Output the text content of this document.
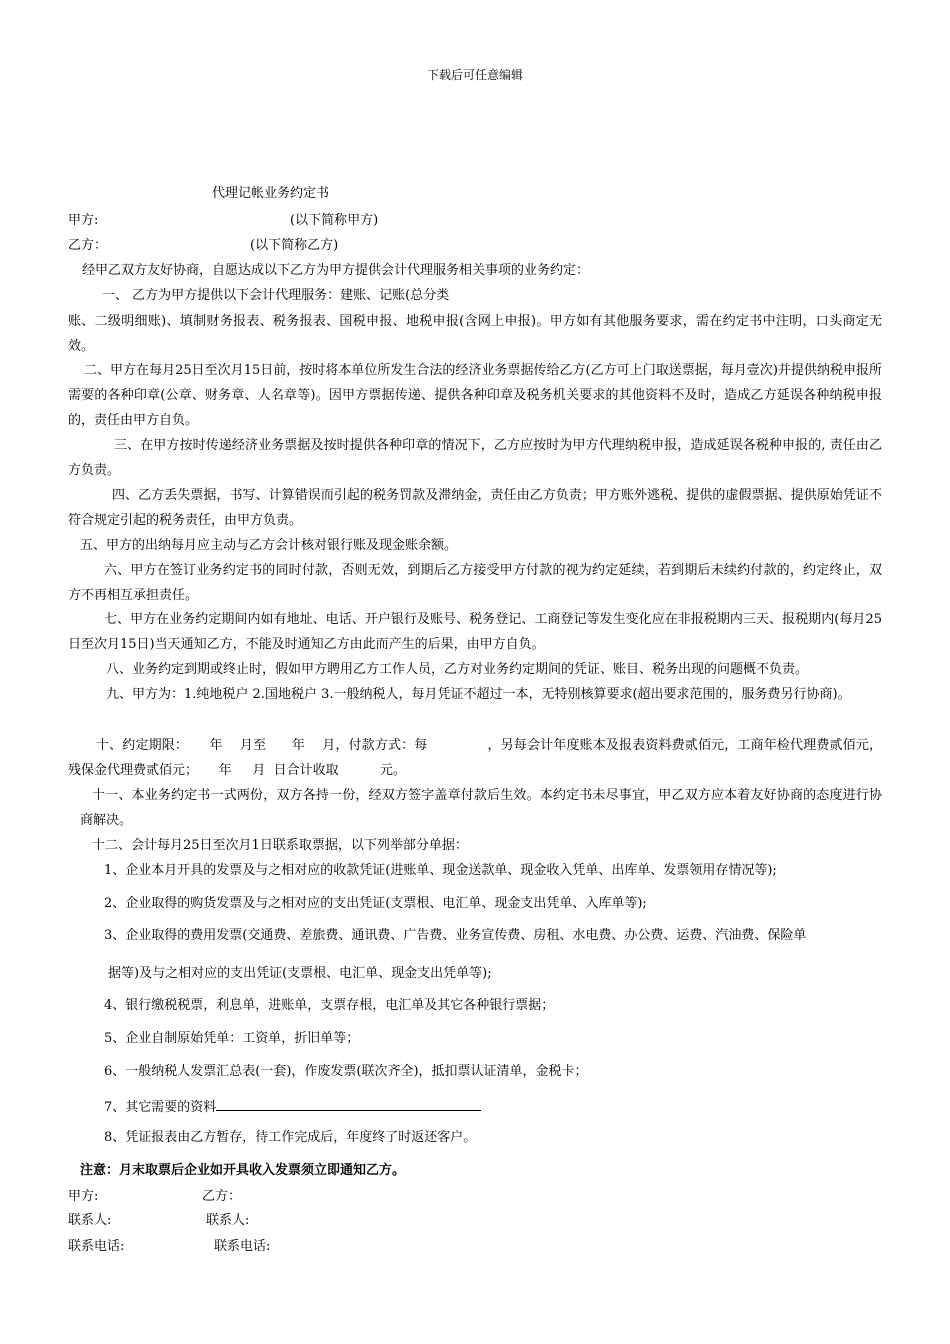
下载后可任意编辑
代理记帐业务约定书
甲方:	(以下简称甲方)
乙方：	(以下简称乙方)
经甲乙双方友好协商，自愿达成以下乙方为甲方提供会计代理服务相关事项的业务约定：
一、 乙方为甲方提供以下会计代理服务：建账、记账(总分类
账、二级明细账)、填制财务报表、税务报表、国税申报、地税申报(含网上申报)。甲方如有其他服务要求，需在约定书中注明，口头商定无效。
二、甲方在每月25日至次月15日前，按时将本单位所发生合法的经济业务票据传给乙方(乙方可上门取送票据，每月壹次)并提供纳税申报所需要的各种印章(公章、财务章、人名章等)。因甲方票据传递、提供各种印章及税务机关要求的其他资料不及时，造成乙方延误各种纳税申报的，责任由甲方自负。
三、在甲方按时传递经济业务票据及按时提供各种印章的情况下，乙方应按时为甲方代理纳税申报，造成延误各税种申报的, 责任由乙方负责。
四、乙方丢失票据，书写、计算错误而引起的税务罚款及滞纳金，责任由乙方负责；甲方账外逃税、提供的虚假票据、提供原始凭证不符合规定引起的税务责任，由甲方负责。
五、甲方的出纳每月应主动与乙方会计核对银行账及现金账余额。
六、甲方在签订业务约定书的同时付款，否则无效，到期后乙方接受甲方付款的视为约定延续，若到期后未续约付款的，约定终止，双方不再相互承担责任。
七、甲方在业务约定期间内如有地址、电话、开户银行及账号、税务登记、工商登记等发生变化应在非报税期内三天、报税期内(每月25日至次月15日)当天通知乙方，不能及时通知乙方由此而产生的后果，由甲方自负。
八、业务约定到期或终止时，假如甲方聘用乙方工作人员，乙方对业务约定期间的凭证、账目、税务出现的问题概不负责。
九、甲方为：1.纯地税户 2.国地税户 3.一般纳税人，每月凭证不超过一本，无特别核算要求(超出要求范围的，服务费另行协商)。
十、约定期限：     年    月至      年    月，付款方式：每              ，另每会计年度账本及报表资料费贰佰元，工商年检代理费贰佰元，残保金代理费贰佰元；     年     月  日合计收取          元。
十一、本业务约定书一式两份，双方各持一份，经双方签字盖章付款后生效。本约定书未尽事宜，甲乙双方应本着友好协商的态度进行协商解决。
十二、会计每月25日至次月1日联系取票据，以下列举部分单据：
1、企业本月开具的发票及与之相对应的收款凭证(进账单、现金送款单、现金收入凭单、出库单、发票领用存情况等);
2、企业取得的购货发票及与之相对应的支出凭证(支票根、电汇单、现金支出凭单、入库单等);
3、企业取得的费用发票(交通费、差旅费、通讯费、广告费、业务宣传费、房租、水电费、办公费、运费、汽油费、保险单
据等)及与之相对应的支出凭证(支票根、电汇单、现金支出凭单等);
4、银行缴税税票，利息单，进账单，支票存根，电汇单及其它各种银行票据；
5、企业自制原始凭单：工资单，折旧单等；
6、一般纳税人发票汇总表(一套)，作废发票(联次齐全)，抵扣票认证清单，金税卡；
7、其它需要的资料
8、凭证报表由乙方暂存，待工作完成后，年度终了时返还客户。
注意：月末取票后企业如开具收入发票须立即通知乙方。
甲方:	乙方：
联系人:	联系人:
联系电话:	联系电话:
